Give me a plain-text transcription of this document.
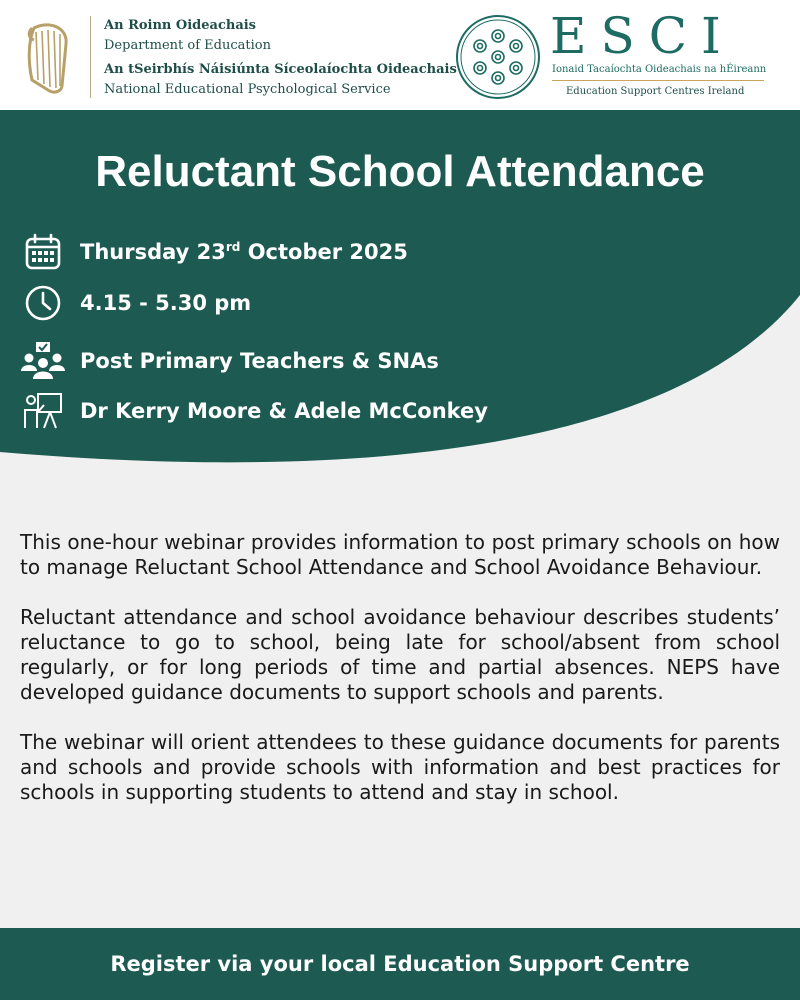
An Roinn Oideachais
Department of Education
An tSeirbhís Náisiúnta Síceolaíochta Oideachais
National Educational Psychological Service
ESCI
Ionaid Tacaíochta Oideachais na hÉireann
Education Support Centres Ireland
Reluctant School Attendance
Thursday 23rd October 2025
4.15 - 5.30 pm
Post Primary Teachers & SNAs
Dr Kerry Moore & Adele McConkey

This one-hour webinar provides information to post primary schools on how to manage Reluctant School Attendance and School Avoidance Behaviour.

Reluctant attendance and school avoidance behaviour describes students’ reluctance to go to school, being late for school/absent from school regularly, or for long periods of time and partial absences. NEPS have developed guidance documents to support schools and parents.

The webinar will orient attendees to these guidance documents for parents and schools and provide schools with information and best practices for schools in supporting students to attend and stay in school.

Register via your local Education Support Centre
